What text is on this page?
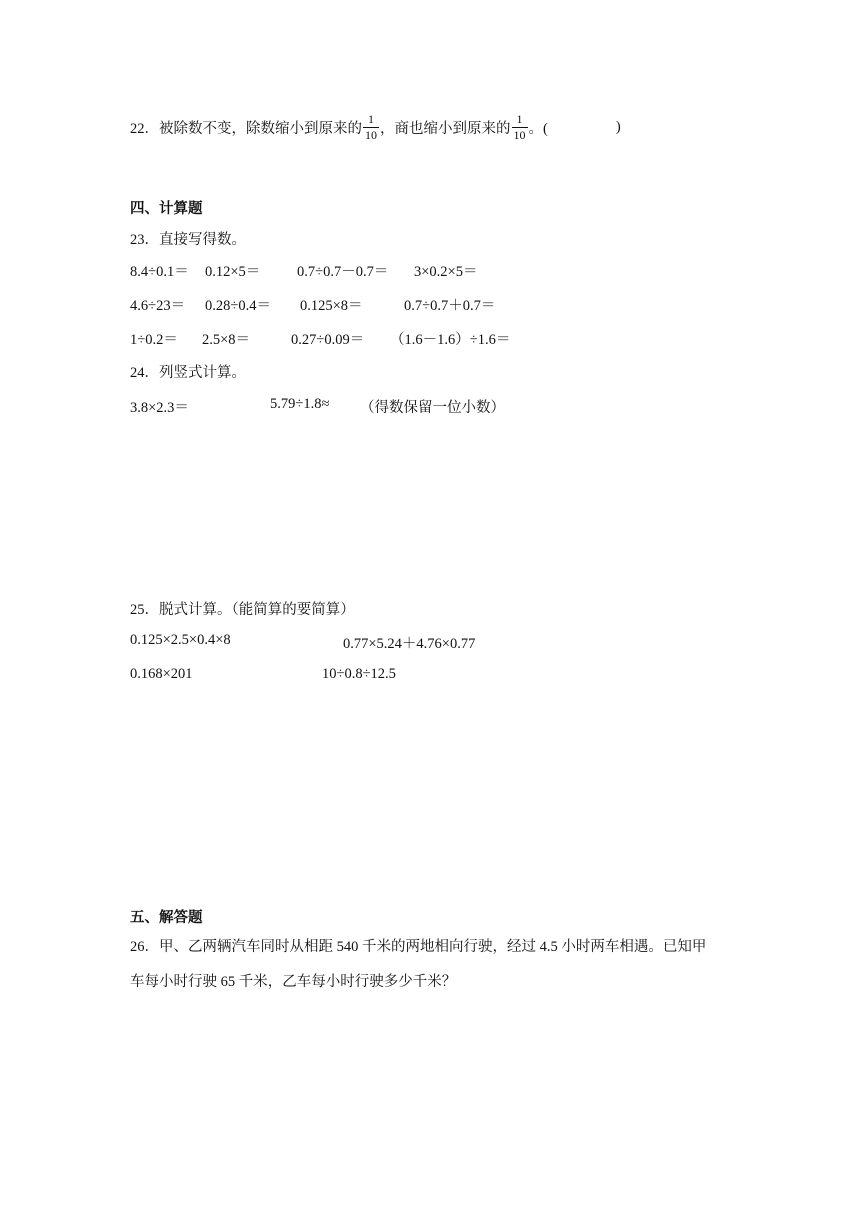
22．被除数不变，除数缩小到原来的 $\frac{1}{10}$ ，商也缩小到原来的 $\frac{1}{10}$ 。(	)
四、计算题
23．直接写得数。
8.4÷0.1＝ 0.12×5＝	0.7÷0.7－0.7＝ 3×0.2×5＝
4.6÷23＝ 0.28÷0.4＝ 0.125×8＝	0.7÷0.7＋0.7＝
1÷0.2＝ 2.5×8＝	0.27÷0.09＝ （1.6－1.6）÷1.6＝
24．列竖式计算。
3.8×2.3＝	5.79÷1.8≈ （得数保留一位小数）
25．脱式计算。（能简算的要简算）
0.125×2.5×0.4×8	0.77×5.24＋4.76×0.77
0.168×201	10÷0.8÷12.5
五、解答题
26．甲、乙两辆汽车同时从相距 540 千米的两地相向行驶，经过 4.5 小时两车相遇。已知甲
车每小时行驶 65 千米，乙车每小时行驶多少千米？
